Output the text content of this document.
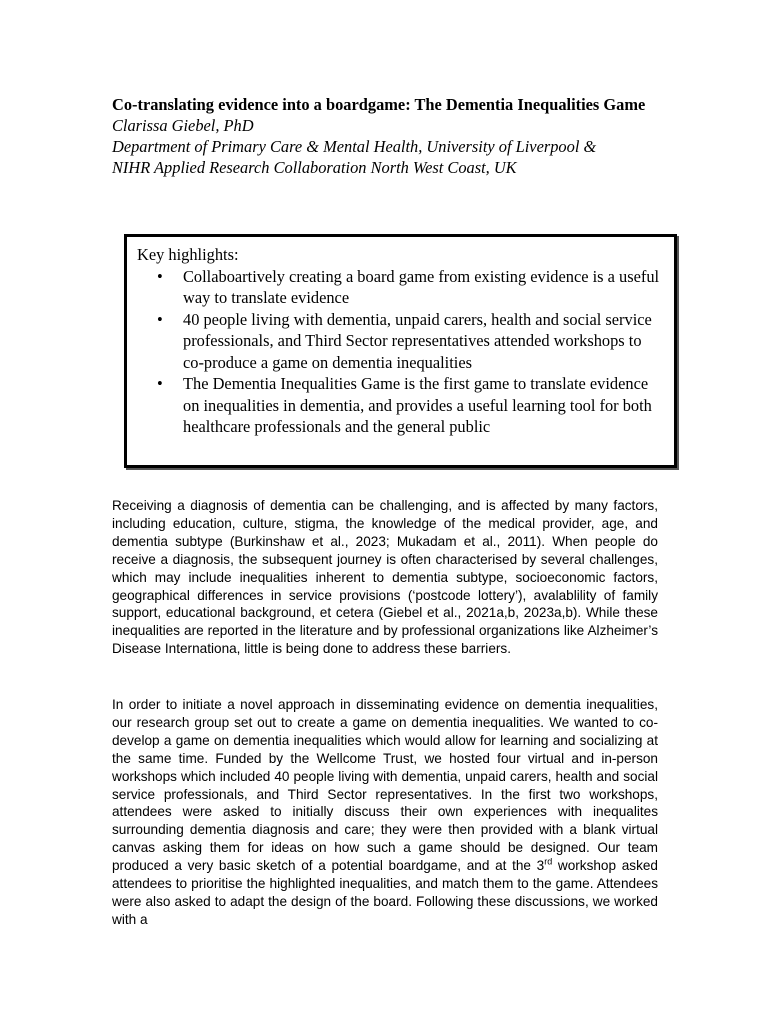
Co-translating evidence into a boardgame: The Dementia Inequalities Game

Clarissa Giebel, PhD

Department of Primary Care & Mental Health, University of Liverpool &

NIHR Applied Research Collaboration North West Coast, UK

Key highlights:

• Collaboartively creating a board game from existing evidence is a useful way to translate evidence
• 40 people living with dementia, unpaid carers, health and social service professionals, and Third Sector representatives attended workshops to co-produce a game on dementia inequalities
• The Dementia Inequalities Game is the first game to translate evidence on inequalities in dementia, and provides a useful learning tool for both healthcare professionals and the general public

Receiving a diagnosis of dementia can be challenging, and is affected by many factors, including education, culture, stigma, the knowledge of the medical provider, age, and dementia subtype (Burkinshaw et al., 2023; Mukadam et al., 2011). When people do receive a diagnosis, the subsequent journey is often characterised by several challenges, which may include inequalities inherent to dementia subtype, socioeconomic factors, geographical differences in service provisions (‘postcode lottery’), avalablility of family support, educational background, et cetera (Giebel et al., 2021a,b, 2023a,b). While these inequalities are reported in the literature and by professional organizations like Alzheimer’s Disease Internationa, little is being done to address these barriers.

In order to initiate a novel approach in disseminating evidence on dementia inequalities, our research group set out to create a game on dementia inequalities. We wanted to co-develop a game on dementia inequalities which would allow for learning and socializing at the same time. Funded by the Wellcome Trust, we hosted four virtual and in-person workshops which included 40 people living with dementia, unpaid carers, health and social service professionals, and Third Sector representatives. In the first two workshops, attendees were asked to initially discuss their own experiences with inequalites surrounding dementia diagnosis and care; they were then provided with a blank virtual canvas asking them for ideas on how such a game should be designed. Our team produced a very basic sketch of a potential boardgame, and at the 3rd workshop asked attendees to prioritise the highlighted inequalities, and match them to the game. Attendees were also asked to adapt the design of the board. Following these discussions, we worked with a
